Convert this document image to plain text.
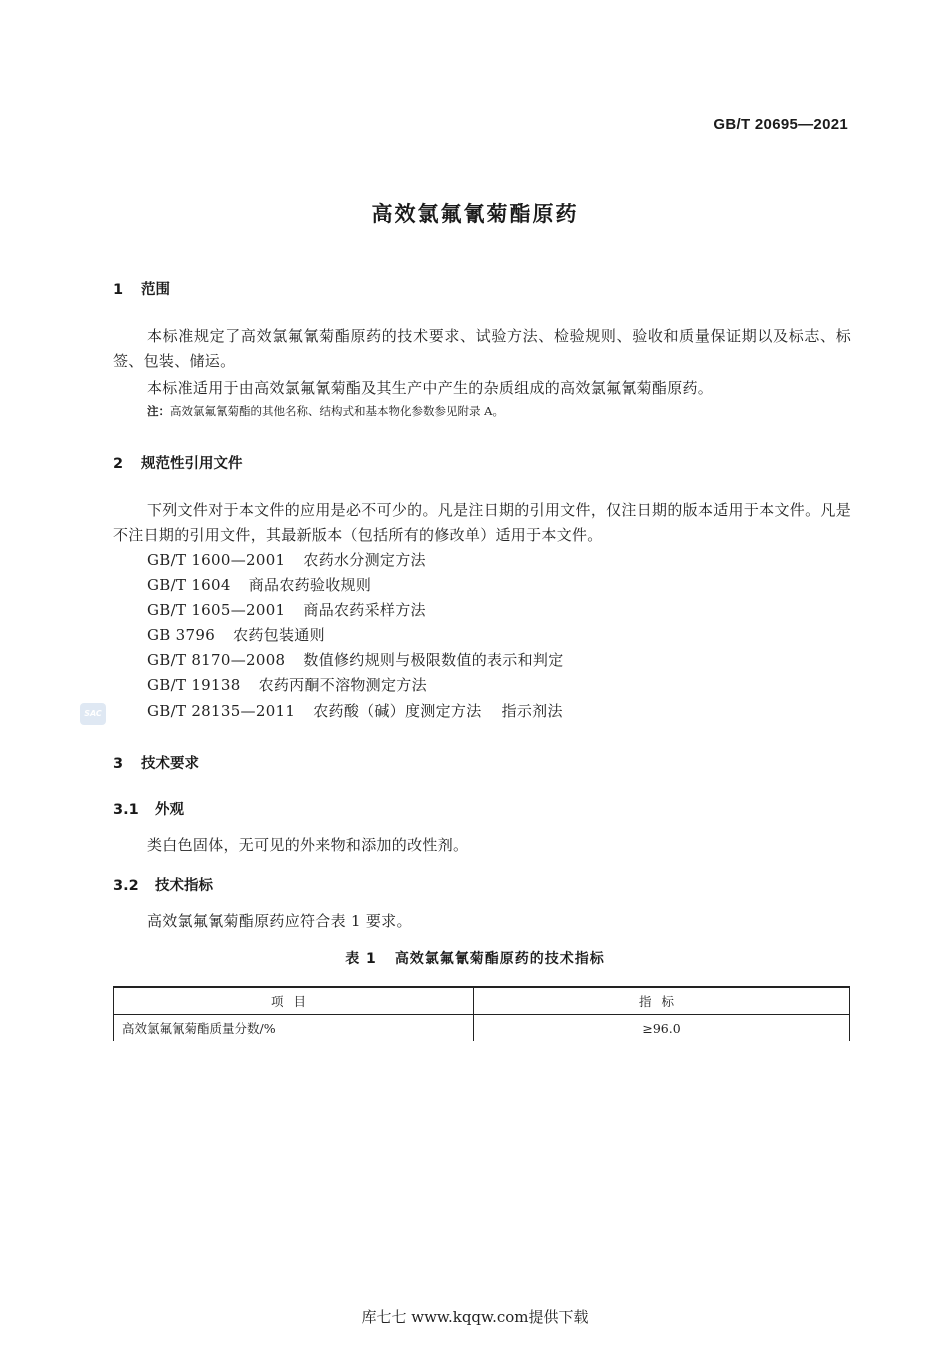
GB/T 20695—2021
高效氯氟氰菊酯原药
1 范围
本标准规定了高效氯氟氰菊酯原药的技术要求、试验方法、检验规则、验收和质量保证期以及标志、标签、包装、储运。
本标准适用于由高效氯氟氰菊酯及其生产中产生的杂质组成的高效氯氟氰菊酯原药。
注：高效氯氟氰菊酯的其他名称、结构式和基本物化参数参见附录 A。
2 规范性引用文件
下列文件对于本文件的应用是必不可少的。凡是注日期的引用文件，仅注日期的版本适用于本文件。凡是不注日期的引用文件，其最新版本（包括所有的修改单）适用于本文件。
GB/T 1600—2001 农药水分测定方法
GB/T 1604 商品农药验收规则
GB/T 1605—2001 商品农药采样方法
GB 3796 农药包装通则
GB/T 8170—2008 数值修约规则与极限数值的表示和判定
GB/T 19138 农药丙酮不溶物测定方法
GB/T 28135—2011 农药酸（碱）度测定方法 指示剂法
SAC
3 技术要求
3.1 外观
类白色固体，无可见的外来物和添加的改性剂。
3.2 技术指标
高效氯氟氰菊酯原药应符合表 1 要求。
表 1 高效氯氟氰菊酯原药的技术指标
项目	指标
高效氯氟氰菊酯质量分数/%	≥96.0
库七七 www.kqqw.com提供下载
